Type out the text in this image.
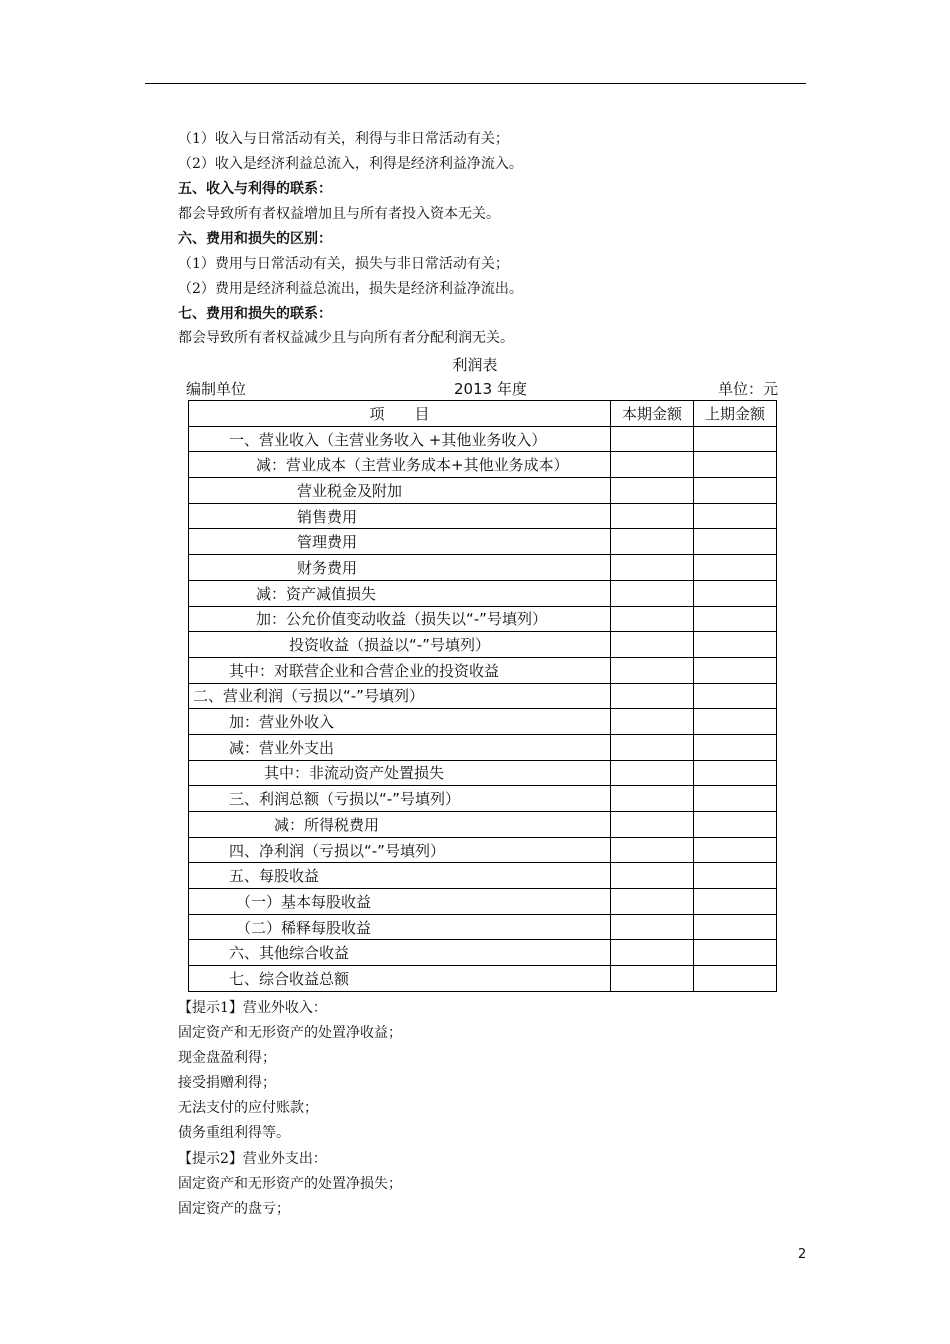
（1）收入与日常活动有关，利得与非日常活动有关；
（2）收入是经济利益总流入，利得是经济利益净流入。
五、收入与利得的联系：
都会导致所有者权益增加且与所有者投入资本无关。
六、费用和损失的区别：
（1）费用与日常活动有关，损失与非日常活动有关；
（2）费用是经济利益总流出，损失是经济利益净流出。
七、费用和损失的联系：
都会导致所有者权益减少且与向所有者分配利润无关。
利润表
编制单位	2013 年度	单位：元
项　　目	本期金额	上期金额
一、营业收入（主营业务收入 +其他业务收入）		
减：营业成本（主营业务成本+其他业务成本）		
营业税金及附加		
销售费用		
管理费用		
财务费用		
减：资产减值损失		
加：公允价值变动收益（损失以“-”号填列）		
投资收益（损益以“-”号填列）		
其中：对联营企业和合营企业的投资收益		
二、营业利润（亏损以“-”号填列）		
加：营业外收入		
减：营业外支出		
其中：非流动资产处置损失		
三、利润总额（亏损以“-”号填列）		
减：所得税费用		
四、净利润（亏损以“-”号填列）		
五、每股收益		
（一）基本每股收益		
（二）稀释每股收益		
六、其他综合收益		
七、综合收益总额		
【提示1】营业外收入：
固定资产和无形资产的处置净收益；
现金盘盈利得；
接受捐赠利得；
无法支付的应付账款；
债务重组利得等。
【提示2】营业外支出：
固定资产和无形资产的处置净损失；
固定资产的盘亏；
2
